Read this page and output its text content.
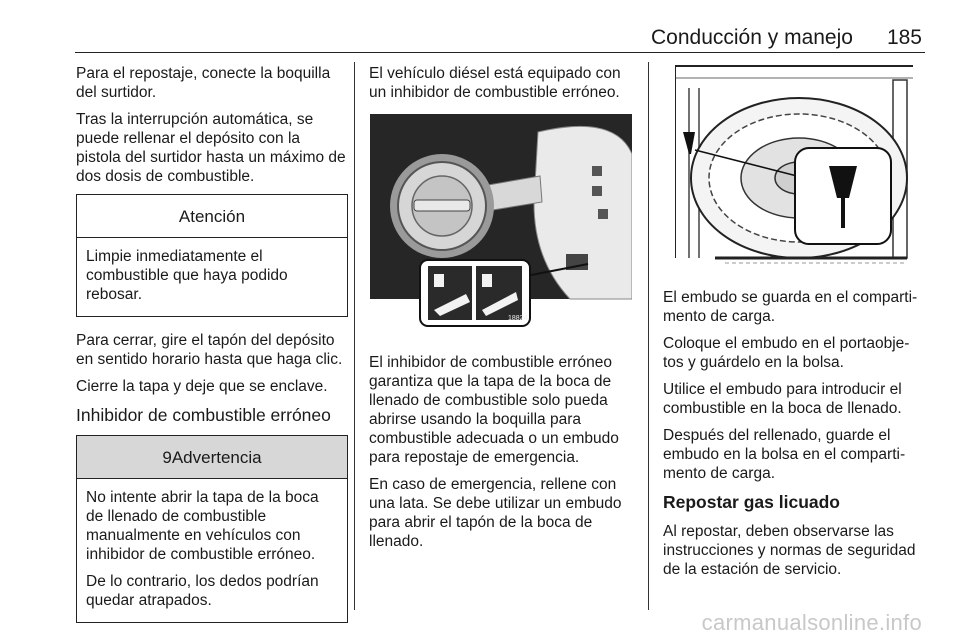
Conducción y manejo 185

Para el repostaje, conecte la boquilla del surtidor.

Tras la interrupción automática, se puede rellenar el depósito con la pistola del surtidor hasta un máximo de dos dosis de combustible.

Atención

Limpie inmediatamente el combustible que haya podido rebosar.

Para cerrar, gire el tapón del depósito en sentido horario hasta que haga clic.

Cierre la tapa y deje que se enclave.

Inhibidor de combustible erróneo
9Advertencia

No intente abrir la tapa de la boca de llenado de combustible manualmente en vehículos con inhibidor de combustible erróneo.

De lo contrario, los dedos podrían quedar atrapados.

El vehículo diésel está equipado con un inhibidor de combustible erróneo.

18824

El inhibidor de combustible erróneo garantiza que la tapa de la boca de llenado de combustible solo pueda abrirse usando la boquilla para combustible adecuada o un embudo para repostaje de emergencia.

En caso de emergencia, rellene con una lata. Se debe utilizar un embudo para abrir el tapón de la boca de llenado.

El embudo se guarda en el comparti‐ mento de carga.

Coloque el embudo en el portaobje‐ tos y guárdelo en la bolsa.

Utilice el embudo para introducir el combustible en la boca de llenado.

Después del rellenado, guarde el embudo en la bolsa en el comparti‐ mento de carga.

Repostar gas licuado

Al repostar, deben observarse las instrucciones y normas de seguridad de la estación de servicio.

carmanualsonline.info
